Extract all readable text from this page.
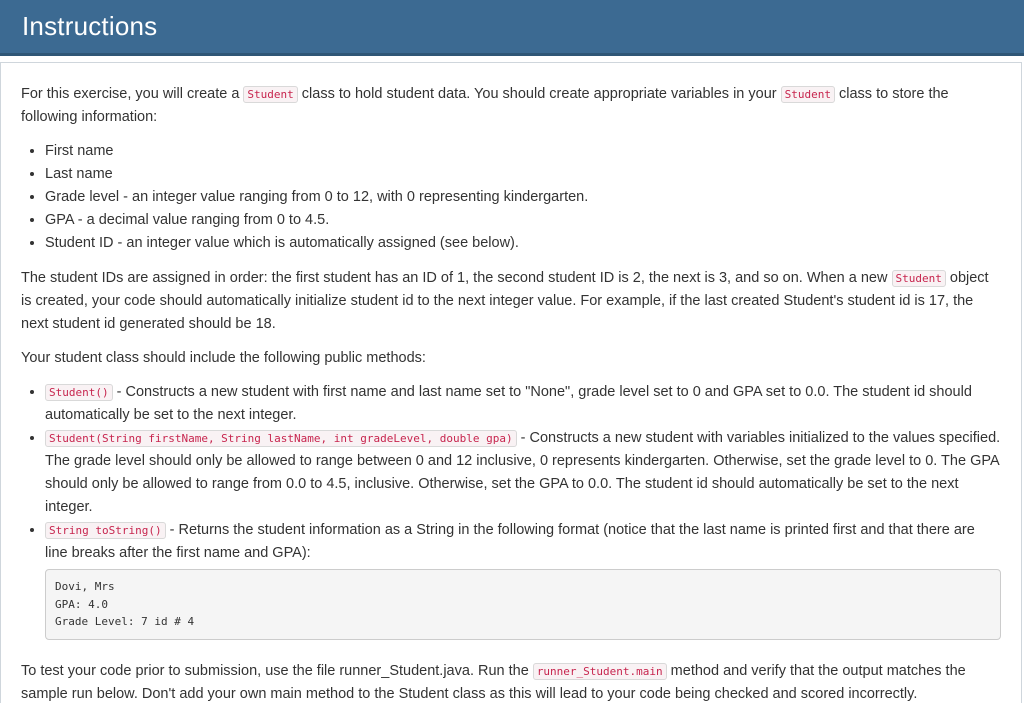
Instructions

For this exercise, you will create a Student class to hold student data. You should create appropriate variables in your Student class to store the following information:

• First name
• Last name
• Grade level - an integer value ranging from 0 to 12, with 0 representing kindergarten.
• GPA - a decimal value ranging from 0 to 4.5.
• Student ID - an integer value which is automatically assigned (see below).

The student IDs are assigned in order: the first student has an ID of 1, the second student ID is 2, the next is 3, and so on. When a new Student object is created, your code should automatically initialize student id to the next integer value. For example, if the last created Student's student id is 17, the next student id generated should be 18.

Your student class should include the following public methods:

• Student() - Constructs a new student with first name and last name set to "None", grade level set to 0 and GPA set to 0.0. The student id should automatically be set to the next integer.
• Student(String firstName, String lastName, int gradeLevel, double gpa) - Constructs a new student with variables initialized to the values specified. The grade level should only be allowed to range between 0 and 12 inclusive, 0 represents kindergarten. Otherwise, set the grade level to 0. The GPA should only be allowed to range from 0.0 to 4.5, inclusive. Otherwise, set the GPA to 0.0. The student id should automatically be set to the next integer.
• String toString() - Returns the student information as a String in the following format (notice that the last name is printed first and that there are line breaks after the first name and GPA):
Dovi, Mrs
GPA: 4.0
Grade Level: 7 id # 4

To test your code prior to submission, use the file runner_Student.java. Run the runner_Student.main method and verify that the output matches the sample run below. Don't add your own main method to the Student class as this will lead to your code being checked and scored incorrectly.
